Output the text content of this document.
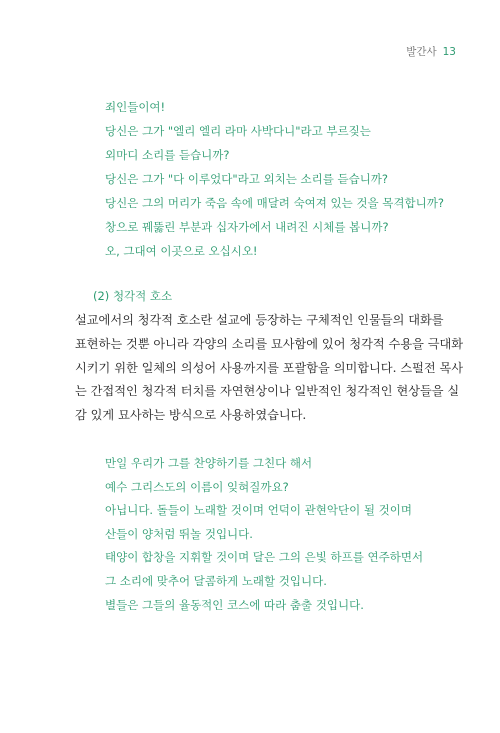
발간사 13
죄인들이여!
당신은 그가 "엘리 엘리 라마 사박다니"라고 부르짖는
외마디 소리를 듣습니까?
당신은 그가 "다 이루었다"라고 외치는 소리를 듣습니까?
당신은 그의 머리가 죽음 속에 매달려 숙여져 있는 것을 목격합니까?
창으로 꿰뚫린 부분과 십자가에서 내려진 시체를 봅니까?
오, 그대여 이곳으로 오십시오!
(2) 청각적 호소
설교에서의 청각적 호소란 설교에 등장하는 구체적인 인물들의 대화를
표현하는 것뿐 아니라 각양의 소리를 묘사함에 있어 청각적 수용을 극대화
시키기 위한 일체의 의성어 사용까지를 포괄함을 의미합니다. 스펄전 목사
는 간접적인 청각적 터치를 자연현상이나 일반적인 청각적인 현상들을 실
감 있게 묘사하는 방식으로 사용하였습니다.
만일 우리가 그를 찬양하기를 그친다 해서
예수 그리스도의 이름이 잊혀질까요?
아닙니다. 돌들이 노래할 것이며 언덕이 관현악단이 될 것이며
산들이 양처럼 뛰놀 것입니다.
태양이 합창을 지휘할 것이며 달은 그의 은빛 하프를 연주하면서
그 소리에 맞추어 달콤하게 노래할 것입니다.
별들은 그들의 율동적인 코스에 따라 춤출 것입니다.
